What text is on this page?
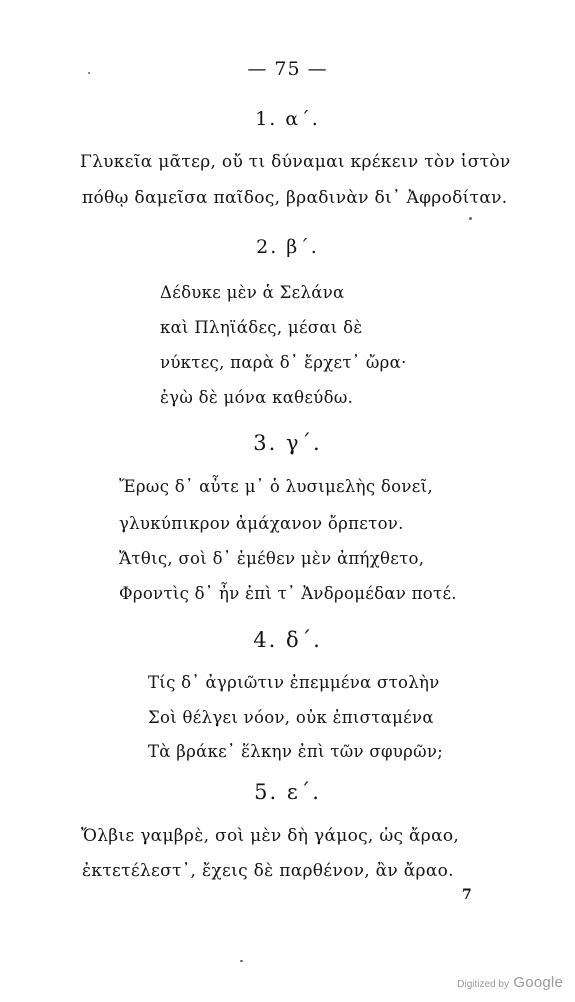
— 75 —
1. α΄.
Γλυκεῖα μᾶτερ, οὔ τι δύναμαι κρέκειν τὸν ἱστὸν
πόθῳ δαμεῖσα παῖδος, βραδινὰν δι᾽ Ἀφροδίταν.
2. β΄.
Δέδυκε μὲν ἁ Σελάνα
καὶ Πληϊάδες, μέσαι δὲ
νύκτες, παρὰ δ᾽ ἔρχετ᾽ ὤρα·
ἐγὼ δὲ μόνα καθεύδω.
3. γ΄.
Ἔρως δ᾽ αὖτε μ᾽ ὁ λυσιμελὴς δονεῖ,
γλυκύπικρον ἀμάχανον ὄρπετον.
Ἄτθις, σοὶ δ᾽ ἐμέθεν μὲν ἀπήχθετο,
Φροντὶς δ᾽ ἦν ἐπὶ τ᾽ Ἀνδρομέδαν ποτέ.
4. δ΄.
Τίς δ᾽ ἀγριῶτιν ἐπεμμένα στολὴν
Σοὶ θέλγει νόον, οὐκ ἐπισταμένα
Τὰ βράκε᾽ ἕλκην ἐπὶ τῶν σφυρῶν;
5. ε΄.
Ὄλβιε γαμβρὲ, σοὶ μὲν δὴ γάμος, ὡς ἄραο,
ἐκτετέλεστ᾽, ἔχεις δὲ παρθένον, ἂν ἄραο.
7
Digitized by Google
